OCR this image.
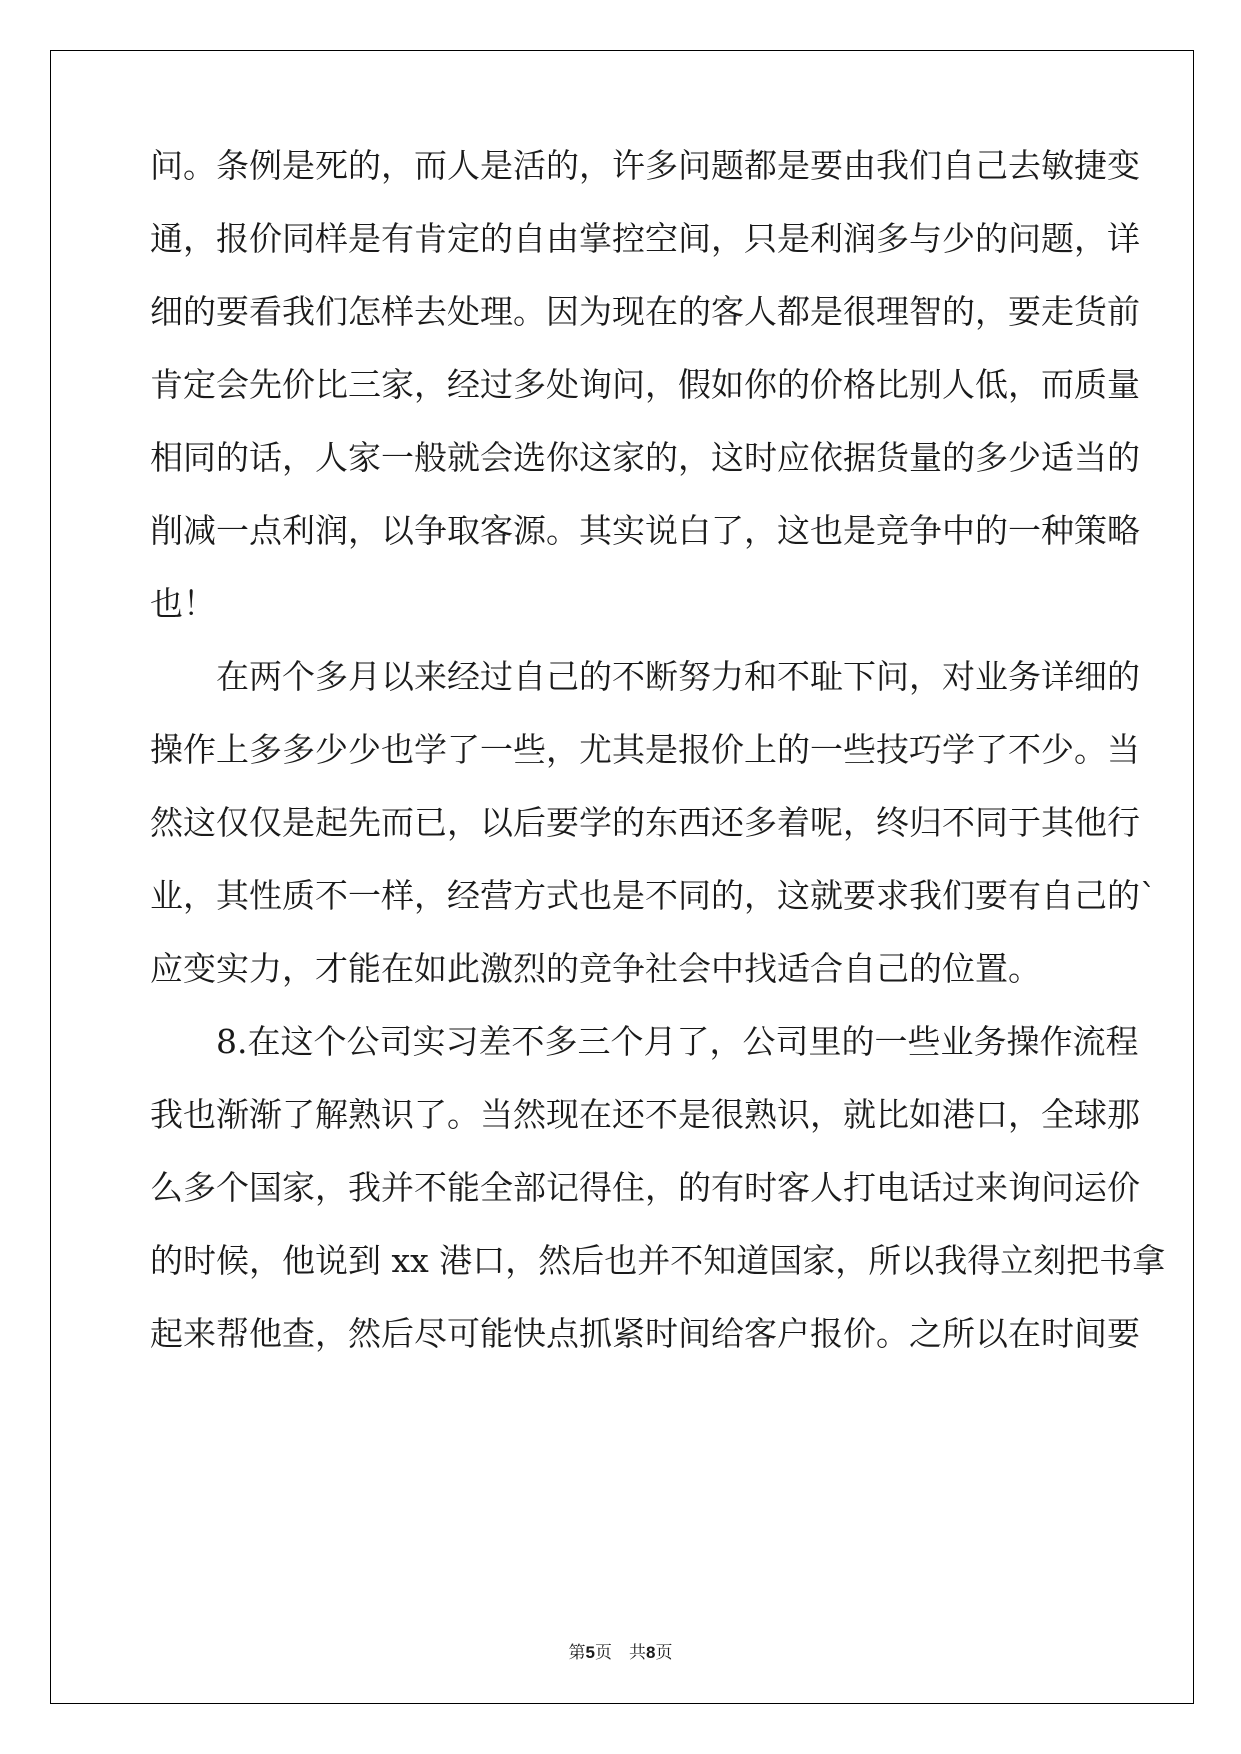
问。条例是死的，而人是活的，许多问题都是要由我们自己去敏捷变
通，报价同样是有肯定的自由掌控空间，只是利润多与少的问题，详
细的要看我们怎样去处理。因为现在的客人都是很理智的，要走货前
肯定会先价比三家，经过多处询问，假如你的价格比别人低，而质量
相同的话，人家一般就会选你这家的，这时应依据货量的多少适当的
削减一点利润，以争取客源。其实说白了，这也是竞争中的一种策略
也！
在两个多月以来经过自己的不断努力和不耻下问，对业务详细的
操作上多多少少也学了一些，尤其是报价上的一些技巧学了不少。当
然这仅仅是起先而已，以后要学的东西还多着呢，终归不同于其他行
业，其性质不一样，经营方式也是不同的，这就要求我们要有自己的`
应变实力，才能在如此激烈的竞争社会中找适合自己的位置。
8.在这个公司实习差不多三个月了，公司里的一些业务操作流程
我也渐渐了解熟识了。当然现在还不是很熟识，就比如港口，全球那
么多个国家，我并不能全部记得住，的有时客人打电话过来询问运价
的时候，他说到 xx 港口，然后也并不知道国家，所以我得立刻把书拿
起来帮他查，然后尽可能快点抓紧时间给客户报价。之所以在时间要
第5页　共8页
